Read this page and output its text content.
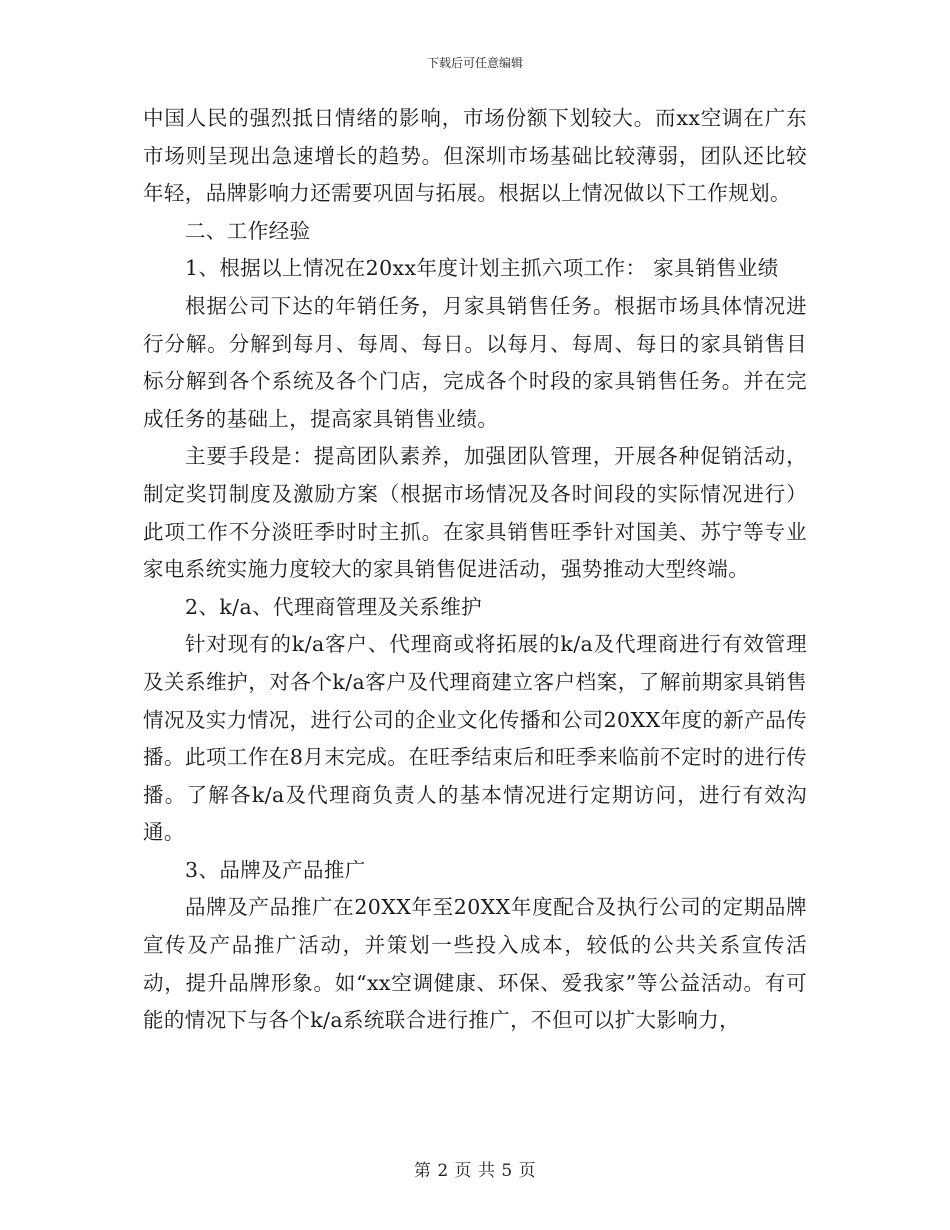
下载后可任意编辑

中国人民的强烈抵日情绪的影响，市场份额下划较大。而xx空调在广东市场则呈现出急速增长的趋势。但深圳市场基础比较薄弱，团队还比较年轻，品牌影响力还需要巩固与拓展。根据以上情况做以下工作规划。

二、工作经验

1、根据以上情况在20xx年度计划主抓六项工作： 家具销售业绩

根据公司下达的年销任务，月家具销售任务。根据市场具体情况进行分解。分解到每月、每周、每日。以每月、每周、每日的家具销售目标分解到各个系统及各个门店，完成各个时段的家具销售任务。并在完成任务的基础上，提高家具销售业绩。

主要手段是：提高团队素养，加强团队管理，开展各种促销活动，制定奖罚制度及激励方案（根据市场情况及各时间段的实际情况进行）此项工作不分淡旺季时时主抓。在家具销售旺季针对国美、苏宁等专业家电系统实施力度较大的家具销售促进活动，强势推动大型终端。

2、k/a、代理商管理及关系维护

针对现有的k/a客户、代理商或将拓展的k/a及代理商进行有效管理及关系维护，对各个k/a客户及代理商建立客户档案，了解前期家具销售情况及实力情况，进行公司的企业文化传播和公司20XX年度的新产品传播。此项工作在8月末完成。在旺季结束后和旺季来临前不定时的进行传播。了解各k/a及代理商负责人的基本情况进行定期访问，进行有效沟通。

3、品牌及产品推广

品牌及产品推广在20XX年至20XX年度配合及执行公司的定期品牌宣传及产品推广活动，并策划一些投入成本，较低的公共关系宣传活动，提升品牌形象。如“xx空调健康、环保、爱我家”等公益活动。有可能的情况下与各个k/a系统联合进行推广，不但可以扩大影响力，

第 2 页 共 5 页
